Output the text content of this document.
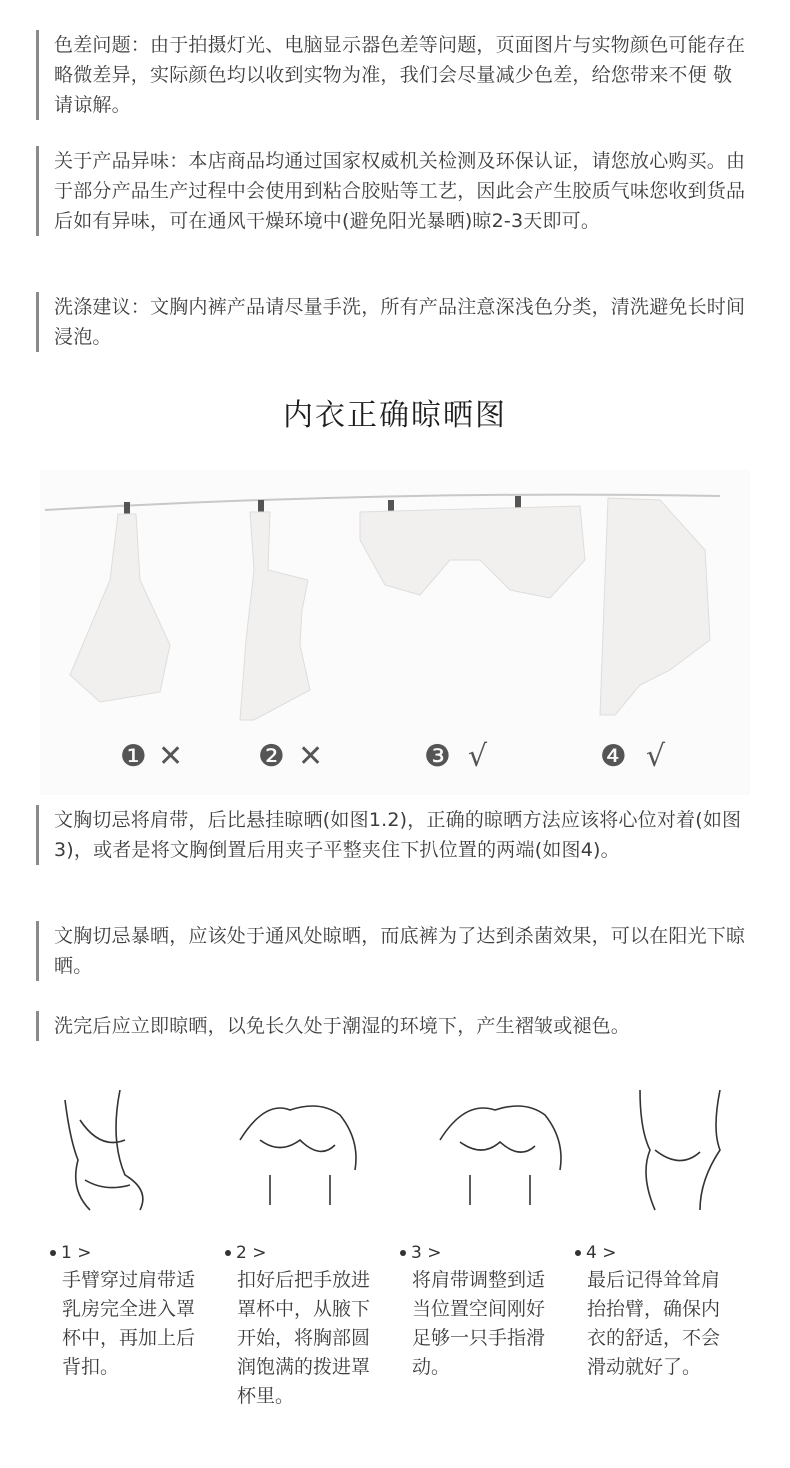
色差问题：由于拍摄灯光、电脑显示器色差等问题，页面图片与实物颜色可能存在略微差异，实际颜色均以收到实物为准，我们会尽量减少色差，给您带来不便 敬请谅解。
关于产品异味：本店商品均通过国家权威机关检测及环保认证，请您放心购买。由于部分产品生产过程中会使用到粘合胶贴等工艺，因此会产生胶质气味您收到货品后如有异味，可在通风干燥环境中(避免阳光暴晒)晾2-3天即可。
洗涤建议：文胸内裤产品请尽量手洗，所有产品注意深浅色分类，清洗避免长时间浸泡。
内衣正确晾晒图
❶ ✕ ❷ ✕	❸ √	❹ √
文胸切忌将肩带，后比悬挂晾晒(如图1.2)，正确的晾晒方法应该将心位对着(如图3)，或者是将文胸倒置后用夹子平整夹住下扒位置的两端(如图4)。
文胸切忌暴晒，应该处于通风处晾晒，而底裤为了达到杀菌效果，可以在阳光下晾晒。
洗完后应立即晾晒，以免长久处于潮湿的环境下，产生褶皱或褪色。
1 >
手臂穿过肩带适乳房完全进入罩杯中，再加上后背扣。
2 >
扣好后把手放进罩杯中，从腋下开始，将胸部圆润饱满的拨进罩杯里。
3 >
将肩带调整到适当位置空间刚好足够一只手指滑动。
4 >
最后记得耸耸肩抬抬臂，确保内衣的舒适，不会滑动就好了。
